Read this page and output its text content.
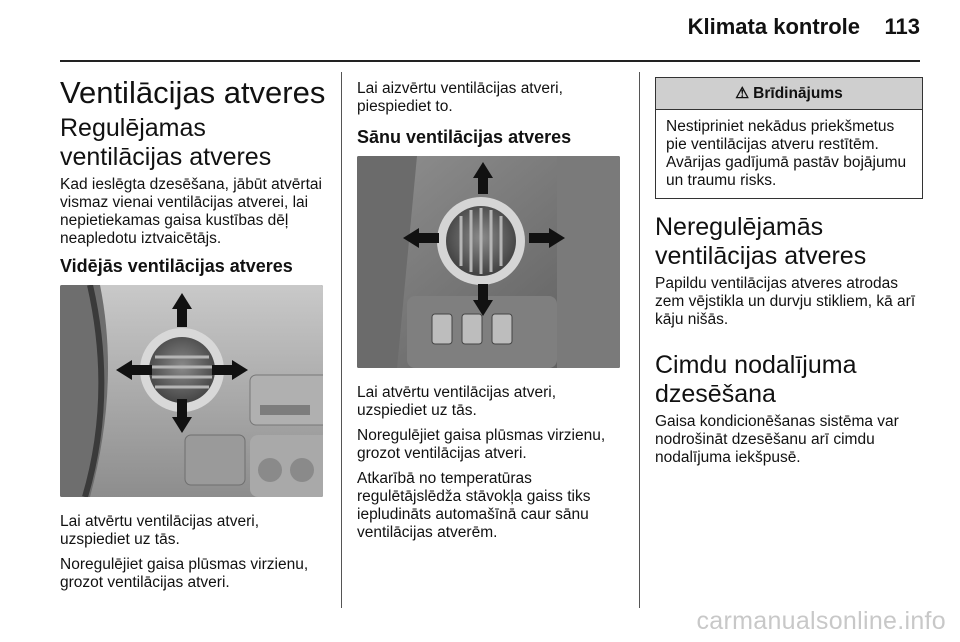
Klimata kontrole 113
Ventilācijas atveres
Regulējamas ventilācijas atveres

Kad ieslēgta dzesēšana, jābūt atvērtai vismaz vienai ventilācijas atverei, lai nepietiekamas gaisa kustības dēļ neapledotu iztvaicētājs.

Vidējās ventilācijas atveres

Lai atvērtu ventilācijas atveri, uzspiediet uz tās.

Noregulējiet gaisa plūsmas virzienu, grozot ventilācijas atveri.

Lai aizvērtu ventilācijas atveri, piespiediet to.

Sānu ventilācijas atveres

Lai atvērtu ventilācijas atveri, uzspiediet uz tās.

Noregulējiet gaisa plūsmas virzienu, grozot ventilācijas atveri.

Atkarībā no temperatūras regulētājslēdža stāvokļa gaiss tiks iepludināts automašīnā caur sānu ventilācijas atverēm.

⚠ Brīdinājums

Nestipriniet nekādus priekšmetus pie ventilācijas atveru restītēm. Avārijas gadījumā pastāv bojājumu un traumu risks.

Neregulējamās ventilācijas atveres

Papildu ventilācijas atveres atrodas zem vējstikla un durvju stikliem, kā arī kāju nišās.

Cimdu nodalījuma dzesēšana

Gaisa kondicionēšanas sistēma var nodrošināt dzesēšanu arī cimdu nodalījuma iekšpusē.

carmanualsonline.info
